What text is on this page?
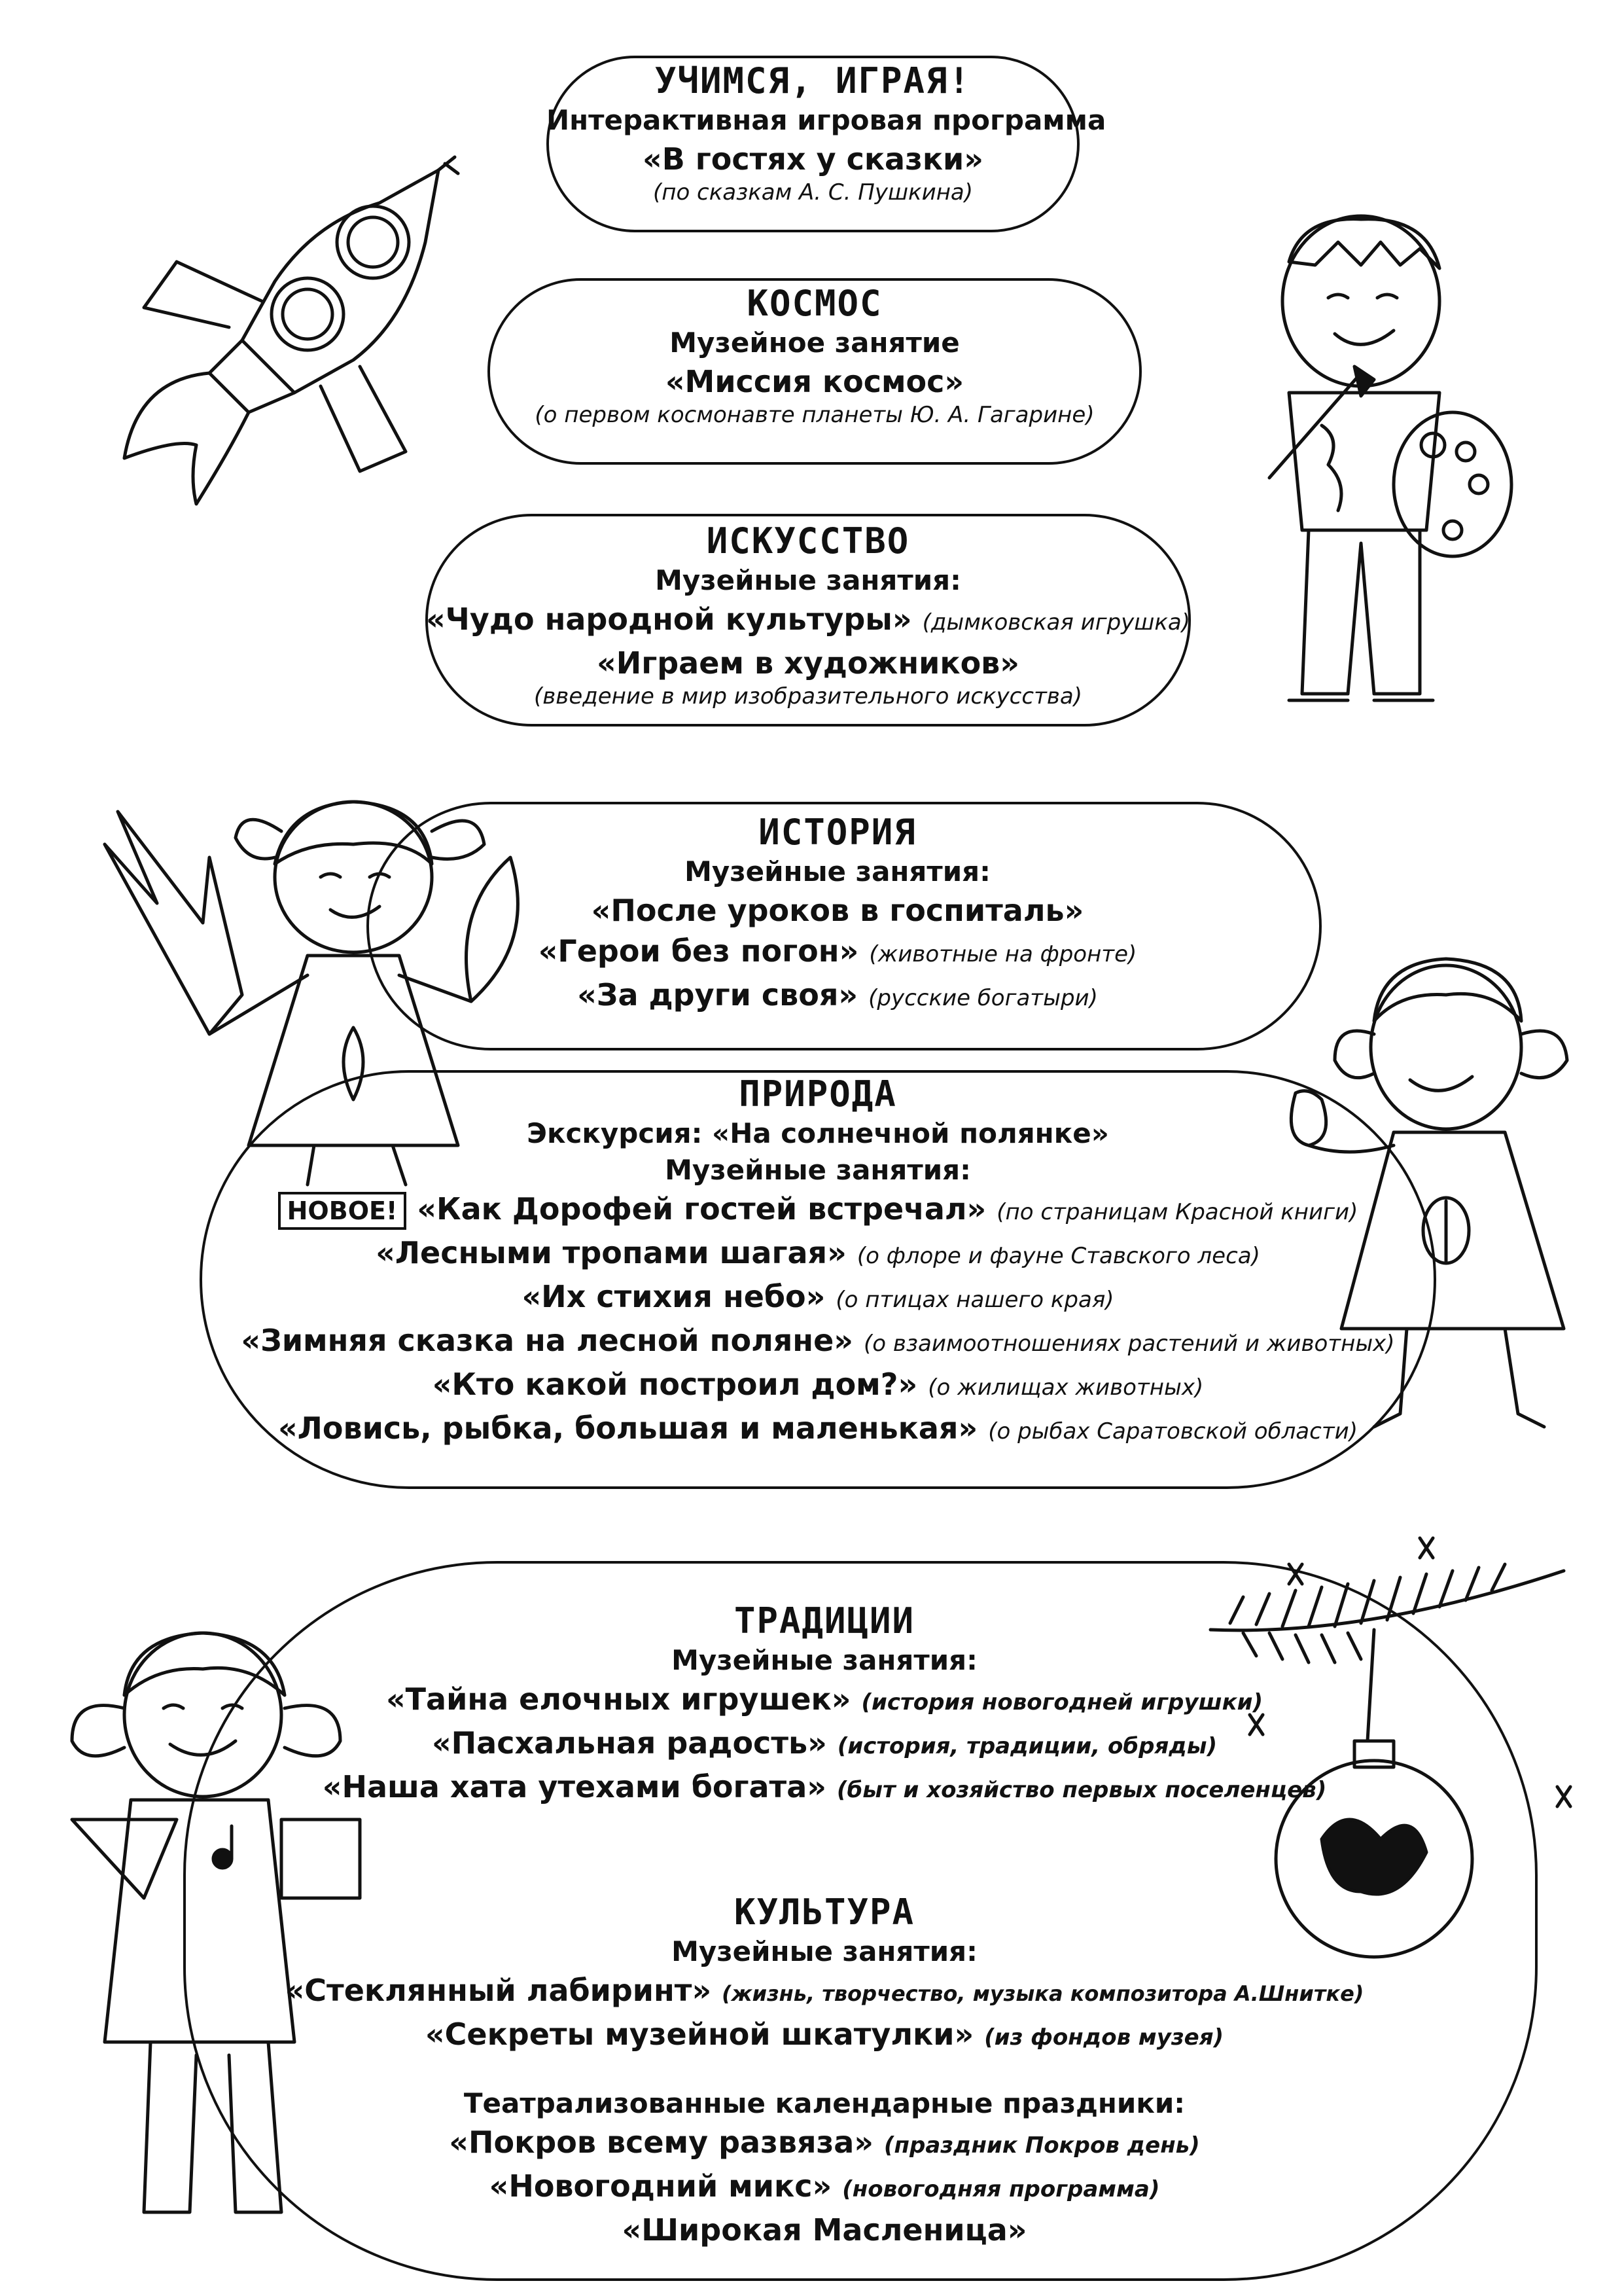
УЧИМСЯ, ИГРАЯ!
Интерактивная игровая программа
«В гостях у сказки»
(по сказкам А. С. Пушкина)
КОСМОС
Музейное занятие
«Миссия космос»
(о первом космонавте планеты Ю. А. Гагарине)
ИСКУССТВО
Музейные занятия:
«Чудо народной культуры» (дымковская игрушка)
«Играем в художников»
(введение в мир изобразительного искусства)
ИСТОРИЯ
Музейные занятия:
«После уроков в госпиталь»
«Герои без погон» (животные на фронте)
«За други своя» (русские богатыри)
ПРИРОДА
Экскурсия: «На солнечной полянке»
Музейные занятия:
НОВОЕ! «Как Дорофей гостей встречал» (по страницам Красной книги)
«Лесными тропами шагая» (о флоре и фауне Ставского леса)
«Их стихия небо» (о птицах нашего края)
«Зимняя сказка на лесной поляне» (о взаимоотношениях растений и животных)
«Кто какой построил дом?» (о жилищах животных)
«Ловись, рыбка, большая и маленькая» (о рыбах Саратовской области)
ТРАДИЦИИ
Музейные занятия:
«Тайна елочных игрушек» (история новогодней игрушки)
«Пасхальная радость» (история, традиции, обряды)
«Наша хата утехами богата» (быт и хозяйство первых поселенцев)
КУЛЬТУРА
Музейные занятия:
«Стеклянный лабиринт» (жизнь, творчество, музыка композитора А.Шнитке)
«Секреты музейной шкатулки» (из фондов музея)
Театрализованные календарные праздники:
«Покров всему развяза» (праздник Покров день)
«Новогодний микс» (новогодняя программа)
«Широкая Масленица»
